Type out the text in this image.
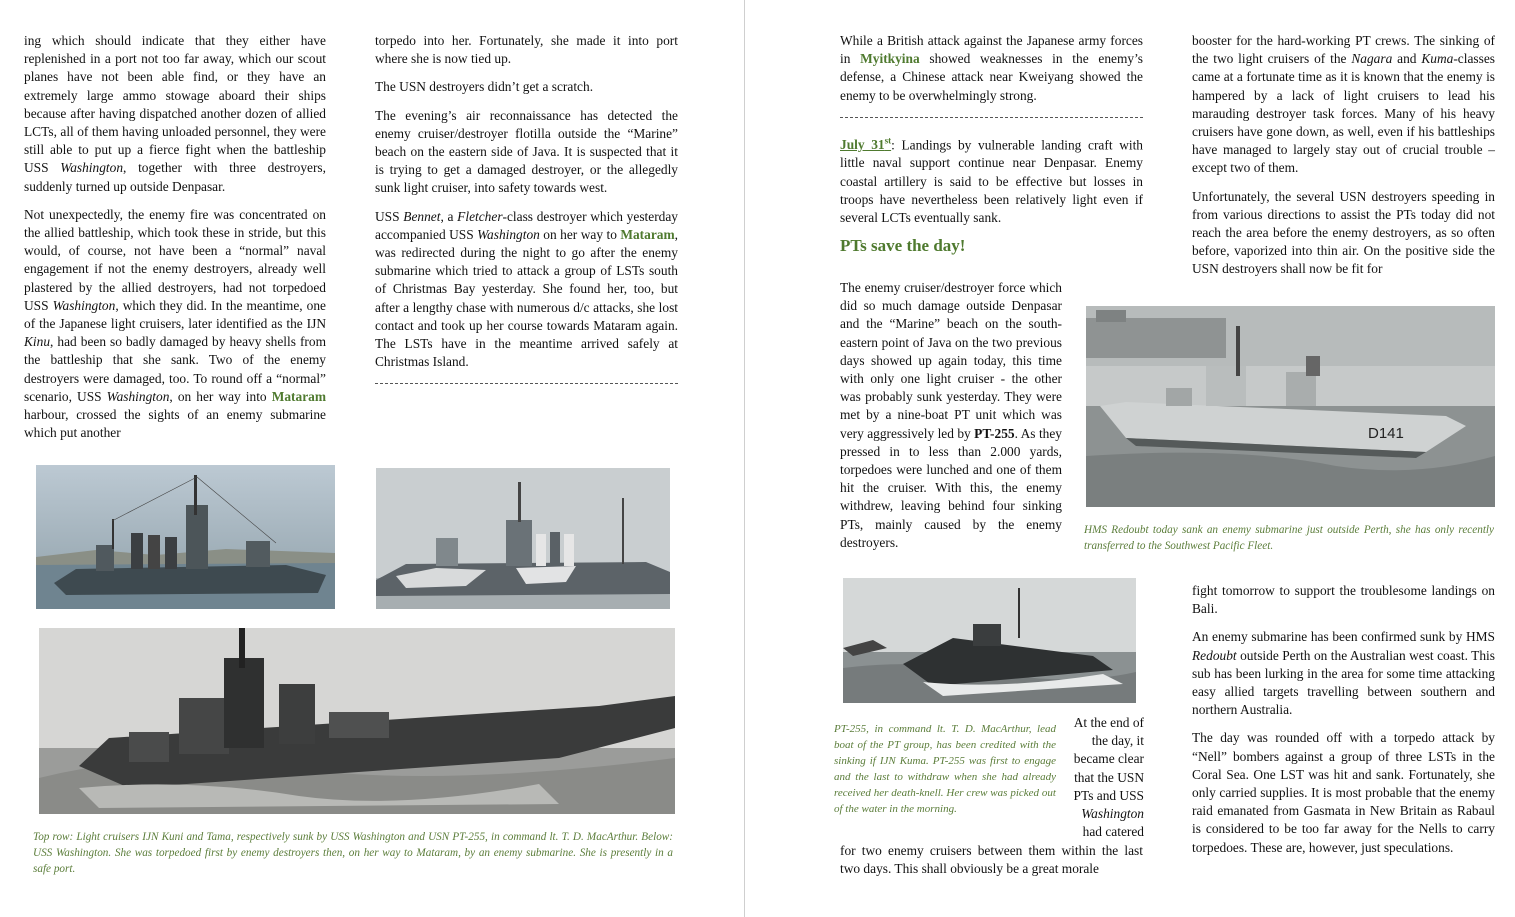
ing which should indicate that they either have replenished in a port not too far away, which our scout planes have not been able find, or they have an extremely large ammo stowage aboard their ships because after having dispatched another dozen of allied LCTs, all of them having unloaded personnel, they were still able to put up a fierce fight when the battleship USS Washington, together with three destroyers, suddenly turned up outside Denpasar.

Not unexpectedly, the enemy fire was concentrated on the allied battleship, which took these in stride, but this would, of course, not have been a “normal” naval engagement if not the enemy destroyers, already well plastered by the allied destroyers, had not torpedoed USS Washington, which they did. In the meantime, one of the Japanese light cruisers, later identified as the IJN Kinu, had been so badly damaged by heavy shells from the battleship that she sank. Two of the enemy destroyers were damaged, too. To round off a “normal” scenario, USS Washington, on her way into Mataram harbour, crossed the sights of an enemy submarine which put another

torpedo into her. Fortunately, she made it into port where she is now tied up.

The USN destroyers didn’t get a scratch.

The evening’s air reconnaissance has detected the enemy cruiser/destroyer flotilla outside the “Marine” beach on the eastern side of Java. It is suspected that it is trying to get a damaged destroyer, or the allegedly sunk light cruiser, into safety towards west.

USS Bennet, a Fletcher-class destroyer which yesterday accompanied USS Washington on her way to Mataram, was redirected during the night to go after the enemy submarine which tried to attack a group of LSTs south of Christmas Bay yesterday. She found her, too, but after a lengthy chase with numerous d/c attacks, she lost contact and took up her course towards Mataram again. The LSTs have in the meantime arrived safely at Christmas Island.

Top row: Light cruisers IJN Kuni and Tama, respectively sunk by USS Washington and USN PT-255, in command lt. T. D. MacArthur. Below: USS Washington. She was torpedoed first by enemy destroyers then, on her way to Mataram, by an enemy submarine. She is presently in a safe port.

While a British attack against the Japanese army forces in Myitkyina showed weaknesses in the enemy’s defense, a Chinese attack near Kweiyang showed the enemy to be overwhelmingly strong.

July 31st: Landings by vulnerable landing craft with little naval support continue near Denpasar. Enemy coastal artillery is said to be effective but losses in troops have nevertheless been relatively light even if several LCTs eventually sank.

PTs save the day!

The enemy cruiser/destroyer force which did so much damage outside Denpasar and the “Marine” beach on the south-eastern point of Java on the two previous days showed up again today, this time with only one light cruiser - the other was probably sunk yesterday. They were met by a nine-boat PT unit which was very aggressively led by PT-255. As they pressed in to less than 2.000 yards, torpedoes were lunched and one of them hit the cruiser. With this, the enemy withdrew, leaving behind four sinking PTs, mainly caused by the enemy destroyers.

PT-255, in command lt. T. D. MacArthur, lead boat of the PT group, has been credited with the sinking if IJN Kuma. PT-255 was first to engage and the last to withdraw when she had already received her death-knell. Her crew was picked out of the water in the morning.

At the end of the day, it became clear that the USN PTs and USS Washington had catered

for two enemy cruisers between them within the last two days. This shall obviously be a great morale

booster for the hard-working PT crews. The sinking of the two light cruisers of the Nagara and Kuma-classes came at a fortunate time as it is known that the enemy is hampered by a lack of light cruisers to lead his marauding destroyer task forces. Many of his heavy cruisers have gone down, as well, even if his battleships have managed to largely stay out of crucial trouble – except two of them.

Unfortunately, the several USN destroyers speeding in from various directions to assist the PTs today did not reach the area before the enemy destroyers, as so often before, vaporized into thin air. On the positive side the USN destroyers shall now be fit for

D141
HMS Redoubt today sank an enemy submarine just outside Perth, she has only recently transferred to the Southwest Pacific Fleet.

fight tomorrow to support the troublesome landings on Bali.

An enemy submarine has been confirmed sunk by HMS Redoubt outside Perth on the Australian west coast. This sub has been lurking in the area for some time attacking easy allied targets travelling between southern and northern Australia.

The day was rounded off with a torpedo attack by “Nell” bombers against a group of three LSTs in the Coral Sea. One LST was hit and sank. Fortunately, she only carried supplies. It is most probable that the enemy raid emanated from Gasmata in New Britain as Rabaul is considered to be too far away for the Nells to carry torpedoes. These are, however, just speculations.
